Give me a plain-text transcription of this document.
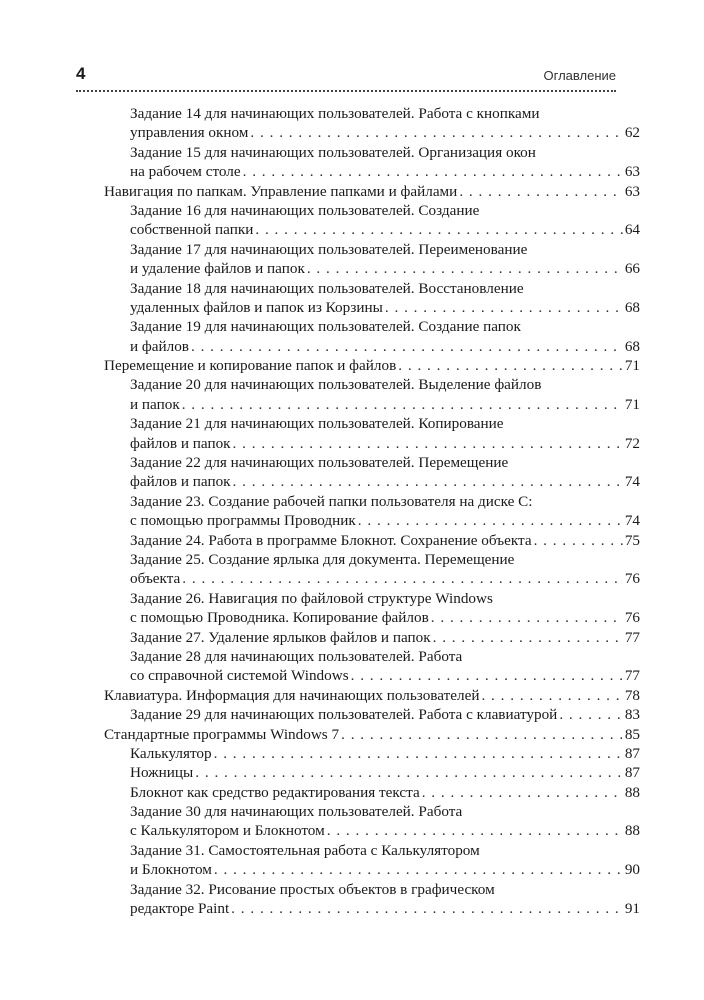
4	Оглавление
Задание 14 для начинающих пользователей. Работа с кнопками
управления окном . . .	62
Задание 15 для начинающих пользователей. Организация окон
на рабочем столе . . .	63
Навигация по папкам. Управление папками и файлами . . .	63
Задание 16 для начинающих пользователей. Создание
собственной папки . . .	64
Задание 17 для начинающих пользователей. Переименование
и удаление файлов и папок . . .	66
Задание 18 для начинающих пользователей. Восстановление
удаленных файлов и папок из Корзины . . .	68
Задание 19 для начинающих пользователей. Создание папок
и файлов . . .	68
Перемещение и копирование папок и файлов . . .	71
Задание 20 для начинающих пользователей. Выделение файлов
и папок . . .	71
Задание 21 для начинающих пользователей. Копирование
файлов и папок . . .	72
Задание 22 для начинающих пользователей. Перемещение
файлов и папок . . .	74
Задание 23. Создание рабочей папки пользователя на диске С:
с помощью программы Проводник . . .	74
Задание 24. Работа в программе Блокнот. Сохранение объекта . . .	75
Задание 25. Создание ярлыка для документа. Перемещение
объекта . . .	76
Задание 26. Навигация по файловой структуре Windows
с помощью Проводника. Копирование файлов . . .	76
Задание 27. Удаление ярлыков файлов и папок . . .	77
Задание 28 для начинающих пользователей. Работа
со справочной системой Windows . . .	77
Клавиатура. Информация для начинающих пользователей . . .	78
Задание 29 для начинающих пользователей. Работа с клавиатурой . . .	83
Стандартные программы Windows 7 . . .	85
Калькулятор . . .	87
Ножницы . . .	87
Блокнот как средство редактирования текста . . .	88
Задание 30 для начинающих пользователей. Работа
с Калькулятором и Блокнотом . . .	88
Задание 31. Самостоятельная работа с Калькулятором
и Блокнотом . . .	90
Задание 32. Рисование простых объектов в графическом
редакторе Paint . . .	91
